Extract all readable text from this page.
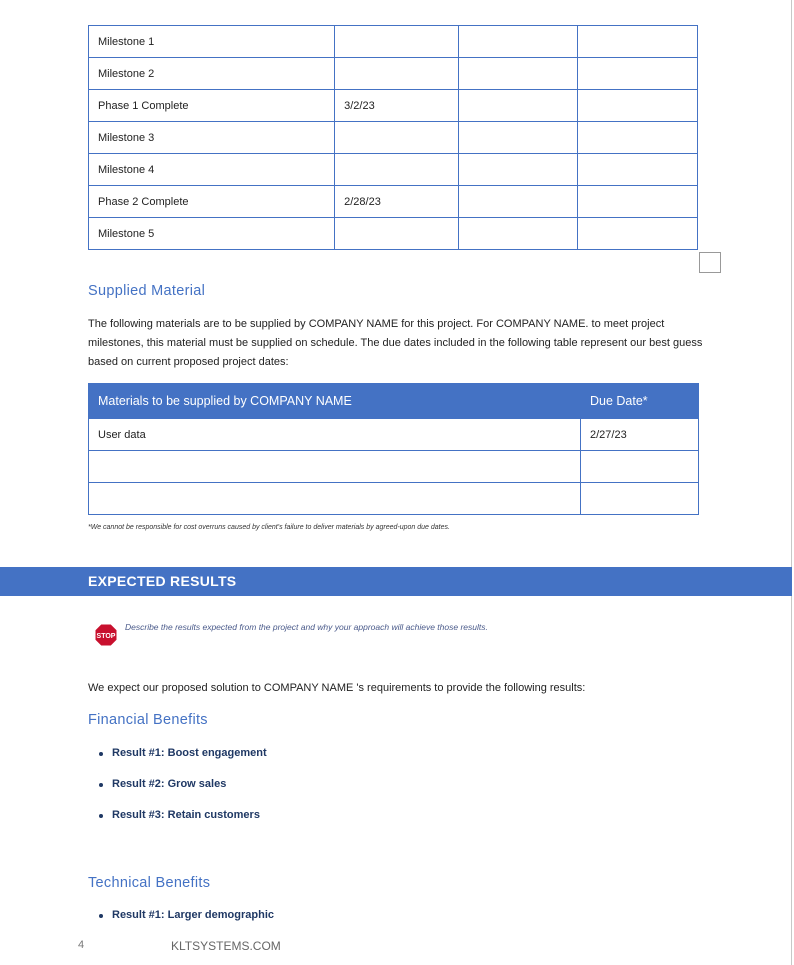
Milestone 1			
Milestone 2			
Phase 1 Complete	3/2/23		
Milestone 3			
Milestone 4			
Phase 2 Complete	2/28/23		
Milestone 5			
Supplied Material
The following materials are to be supplied by COMPANY NAME for this project. For COMPANY NAME. to meet project milestones, this material must be supplied on schedule. The due dates included in the following table represent our best guess based on current proposed project dates:
Materials to be supplied by COMPANY NAME	Due Date*
User data	2/27/23

*We cannot be responsible for cost overruns caused by client's failure to deliver materials by agreed-upon due dates.
EXPECTED RESULTS
STOP
Describe the results expected from the project and why your approach will achieve those results.
We expect our proposed solution to COMPANY NAME 's requirements to provide the following results:
Financial Benefits
Result #1: Boost engagement
Result #2: Grow sales
Result #3: Retain customers
Technical Benefits
Result #1: Larger demographic
4	KLTSYSTEMS.COM
